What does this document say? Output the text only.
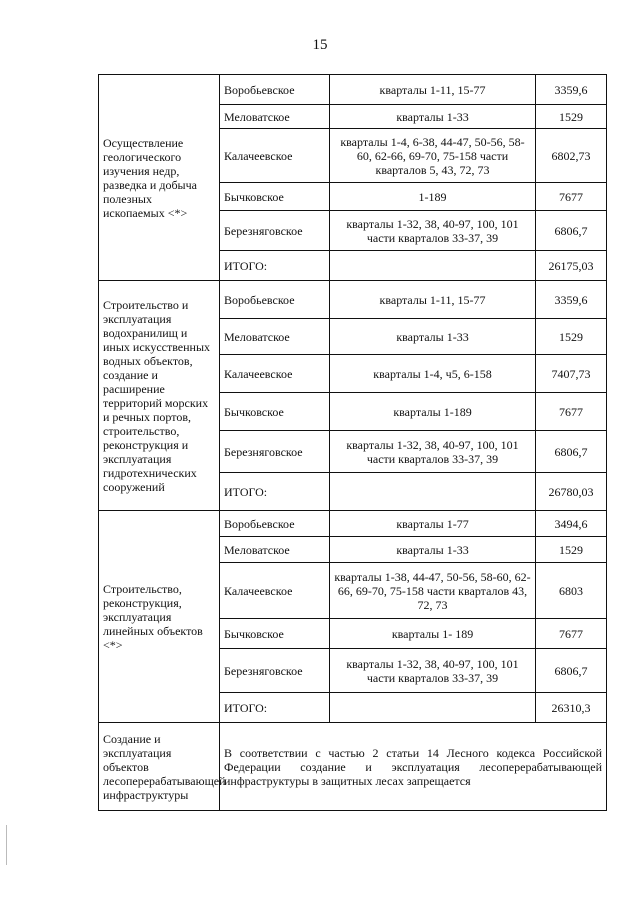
15
Осуществление геологического изучения недр, разведка и добыча полезных ископаемых <*>	Воробьевское	кварталы 1-11, 15-77	3359,6
	Меловатское	кварталы 1-33	1529
	Калачеевское	кварталы 1-4, 6-38, 44-47, 50-56, 58-60, 62-66, 69-70, 75-158 части кварталов 5, 43, 72, 73	6802,73
	Бычковское	1-189	7677
	Березняговское	кварталы 1-32, 38, 40-97, 100, 101 части кварталов 33-37, 39	6806,7
	ИТОГО:		26175,03
Строительство и эксплуатация водохранилищ и иных искусственных водных объектов, создание и расширение территорий морских и речных портов, строительство, реконструкция и эксплуатация гидротехнических сооружений	Воробьевское	кварталы 1-11, 15-77	3359,6
	Меловатское	кварталы 1-33	1529
	Калачеевское	кварталы 1-4, ч5, 6-158	7407,73
	Бычковское	кварталы 1-189	7677
	Березняговское	кварталы 1-32, 38, 40-97, 100, 101 части кварталов 33-37, 39	6806,7
	ИТОГО:		26780,03
Строительство, реконструкция, эксплуатация линейных объектов <*>	Воробьевское	кварталы 1-77	3494,6
	Меловатское	кварталы 1-33	1529
	Калачеевское	кварталы 1-38, 44-47, 50-56, 58-60, 62-66, 69-70, 75-158 части кварталов 43, 72, 73	6803
	Бычковское	кварталы 1- 189	7677
	Березняговское	кварталы 1-32, 38, 40-97, 100, 101 части кварталов 33-37, 39	6806,7
	ИТОГО:		26310,3
Создание и эксплуатация объектов лесоперерабатывающей инфраструктуры	В соответствии с частью 2 статьи 14 Лесного кодекса Российской Федерации создание и эксплуатация лесоперерабатывающей инфраструктуры в защитных лесах запрещается		
